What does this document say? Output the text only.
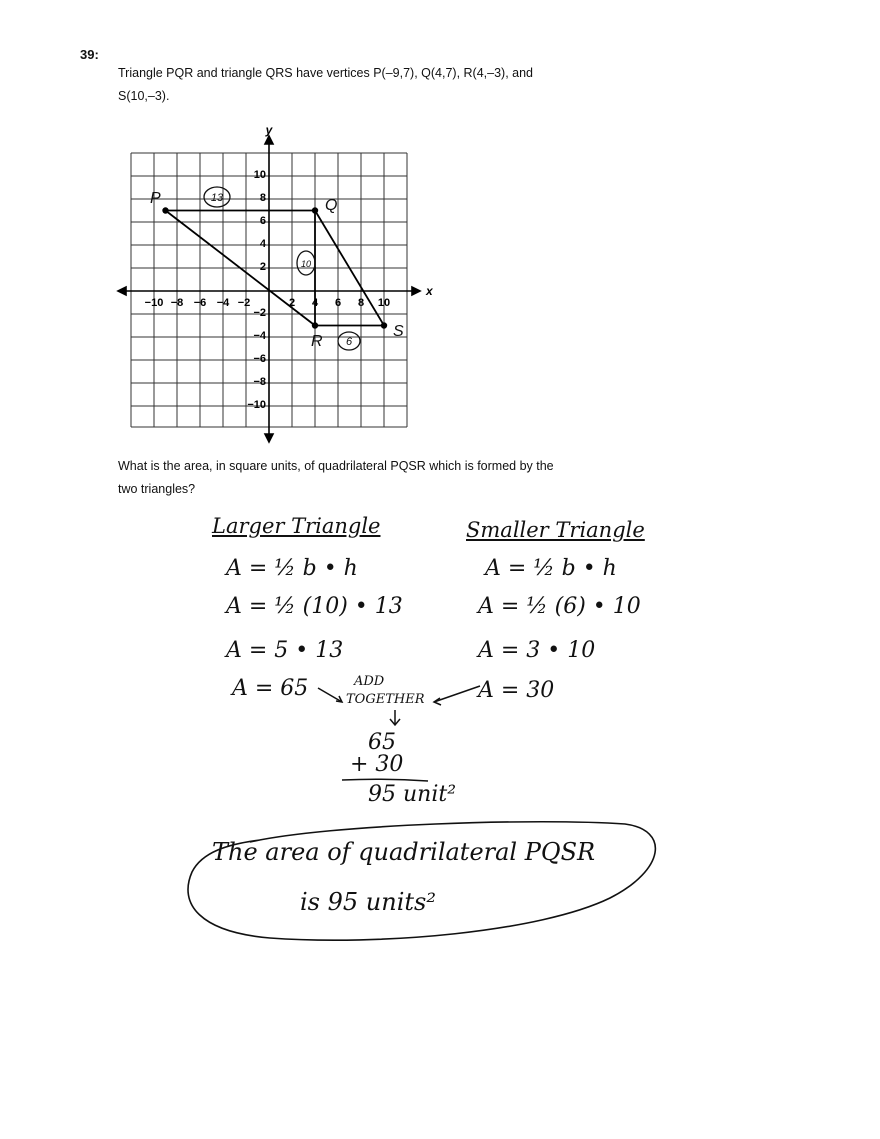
39:
Triangle PQR and triangle QRS have vertices P(–9,7), Q(4,7), R(4,–3), and
S(10,–3).
y
x
−10 −8 −6 −4 −2	2 4 6 8 10
10
8
6
4
2
−2
−4
−6
−8
−10
P	Q
R
S
13
10
6
What is the area, in square units, of quadrilateral PQSR which is formed by the
two triangles?
Larger Triangle
A = ½ b • h
A = ½ (10) • 13
A = 5 • 13
A = 65
Smaller Triangle
A = ½ b • h
A = ½ (6) • 10
A = 3 • 10
A = 30
ADD
TOGETHER
65
+ 30
95 unit²
The area of quadrilateral PQSR
is 95 units²
